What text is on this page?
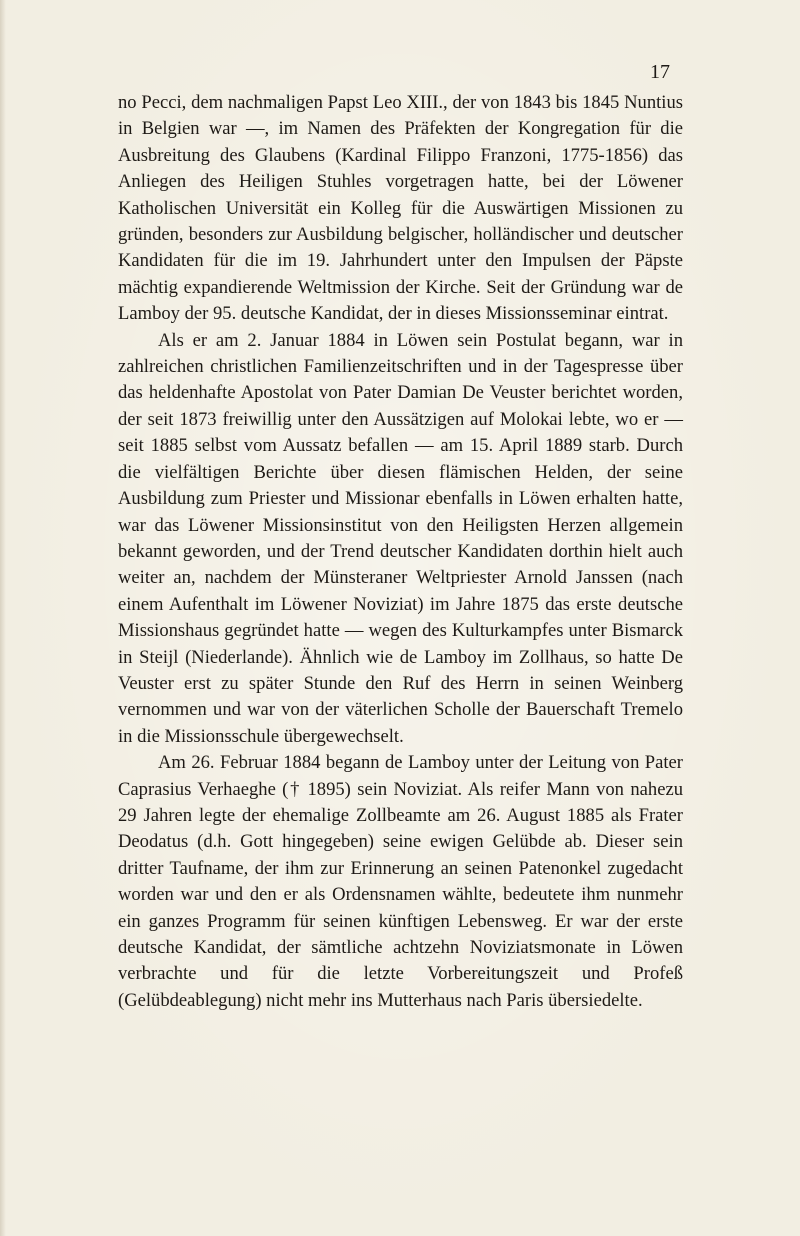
17

no Pecci, dem nachmaligen Papst Leo XIII., der von 1843 bis 1845 Nuntius in Belgien war —, im Namen des Präfekten der Kongregation für die Ausbreitung des Glaubens (Kardinal Filippo Franzoni, 1775-1856) das Anliegen des Heiligen Stuhles vorgetragen hatte, bei der Löwener Katholischen Universität ein Kolleg für die Auswärtigen Missionen zu gründen, besonders zur Ausbildung belgischer, holländischer und deutscher Kandidaten für die im 19. Jahrhundert unter den Impulsen der Päpste mächtig expandierende Weltmission der Kirche. Seit der Gründung war de Lamboy der 95. deutsche Kandidat, der in dieses Missionsseminar eintrat.

Als er am 2. Januar 1884 in Löwen sein Postulat begann, war in zahlreichen christlichen Familienzeitschriften und in der Tagespresse über das heldenhafte Apostolat von Pater Damian De Veuster berichtet worden, der seit 1873 freiwillig unter den Aussätzigen auf Molokai lebte, wo er — seit 1885 selbst vom Aussatz befallen — am 15. April 1889 starb. Durch die vielfältigen Berichte über diesen flämischen Helden, der seine Ausbildung zum Priester und Missionar ebenfalls in Löwen erhalten hatte, war das Löwener Missionsinstitut von den Heiligsten Herzen allgemein bekannt geworden, und der Trend deutscher Kandidaten dorthin hielt auch weiter an, nachdem der Münsteraner Weltpriester Arnold Janssen (nach einem Aufenthalt im Löwener Noviziat) im Jahre 1875 das erste deutsche Missionshaus gegründet hatte — wegen des Kulturkampfes unter Bismarck in Steijl (Niederlande). Ähnlich wie de Lamboy im Zollhaus, so hatte De Veuster erst zu später Stunde den Ruf des Herrn in seinen Weinberg vernommen und war von der väterlichen Scholle der Bauerschaft Tremelo in die Missionsschule übergewechselt.

Am 26. Februar 1884 begann de Lamboy unter der Leitung von Pater Caprasius Verhaeghe († 1895) sein Noviziat. Als reifer Mann von nahezu 29 Jahren legte der ehemalige Zollbeamte am 26. August 1885 als Frater Deodatus (d.h. Gott hingegeben) seine ewigen Gelübde ab. Dieser sein dritter Taufname, der ihm zur Erinnerung an seinen Patenonkel zugedacht worden war und den er als Ordensnamen wählte, bedeutete ihm nunmehr ein ganzes Programm für seinen künftigen Lebensweg. Er war der erste deutsche Kandidat, der sämtliche achtzehn Noviziatsmonate in Löwen verbrachte und für die letzte Vorbereitungszeit und Profeß (Gelübdeablegung) nicht mehr ins Mutterhaus nach Paris übersiedelte.
